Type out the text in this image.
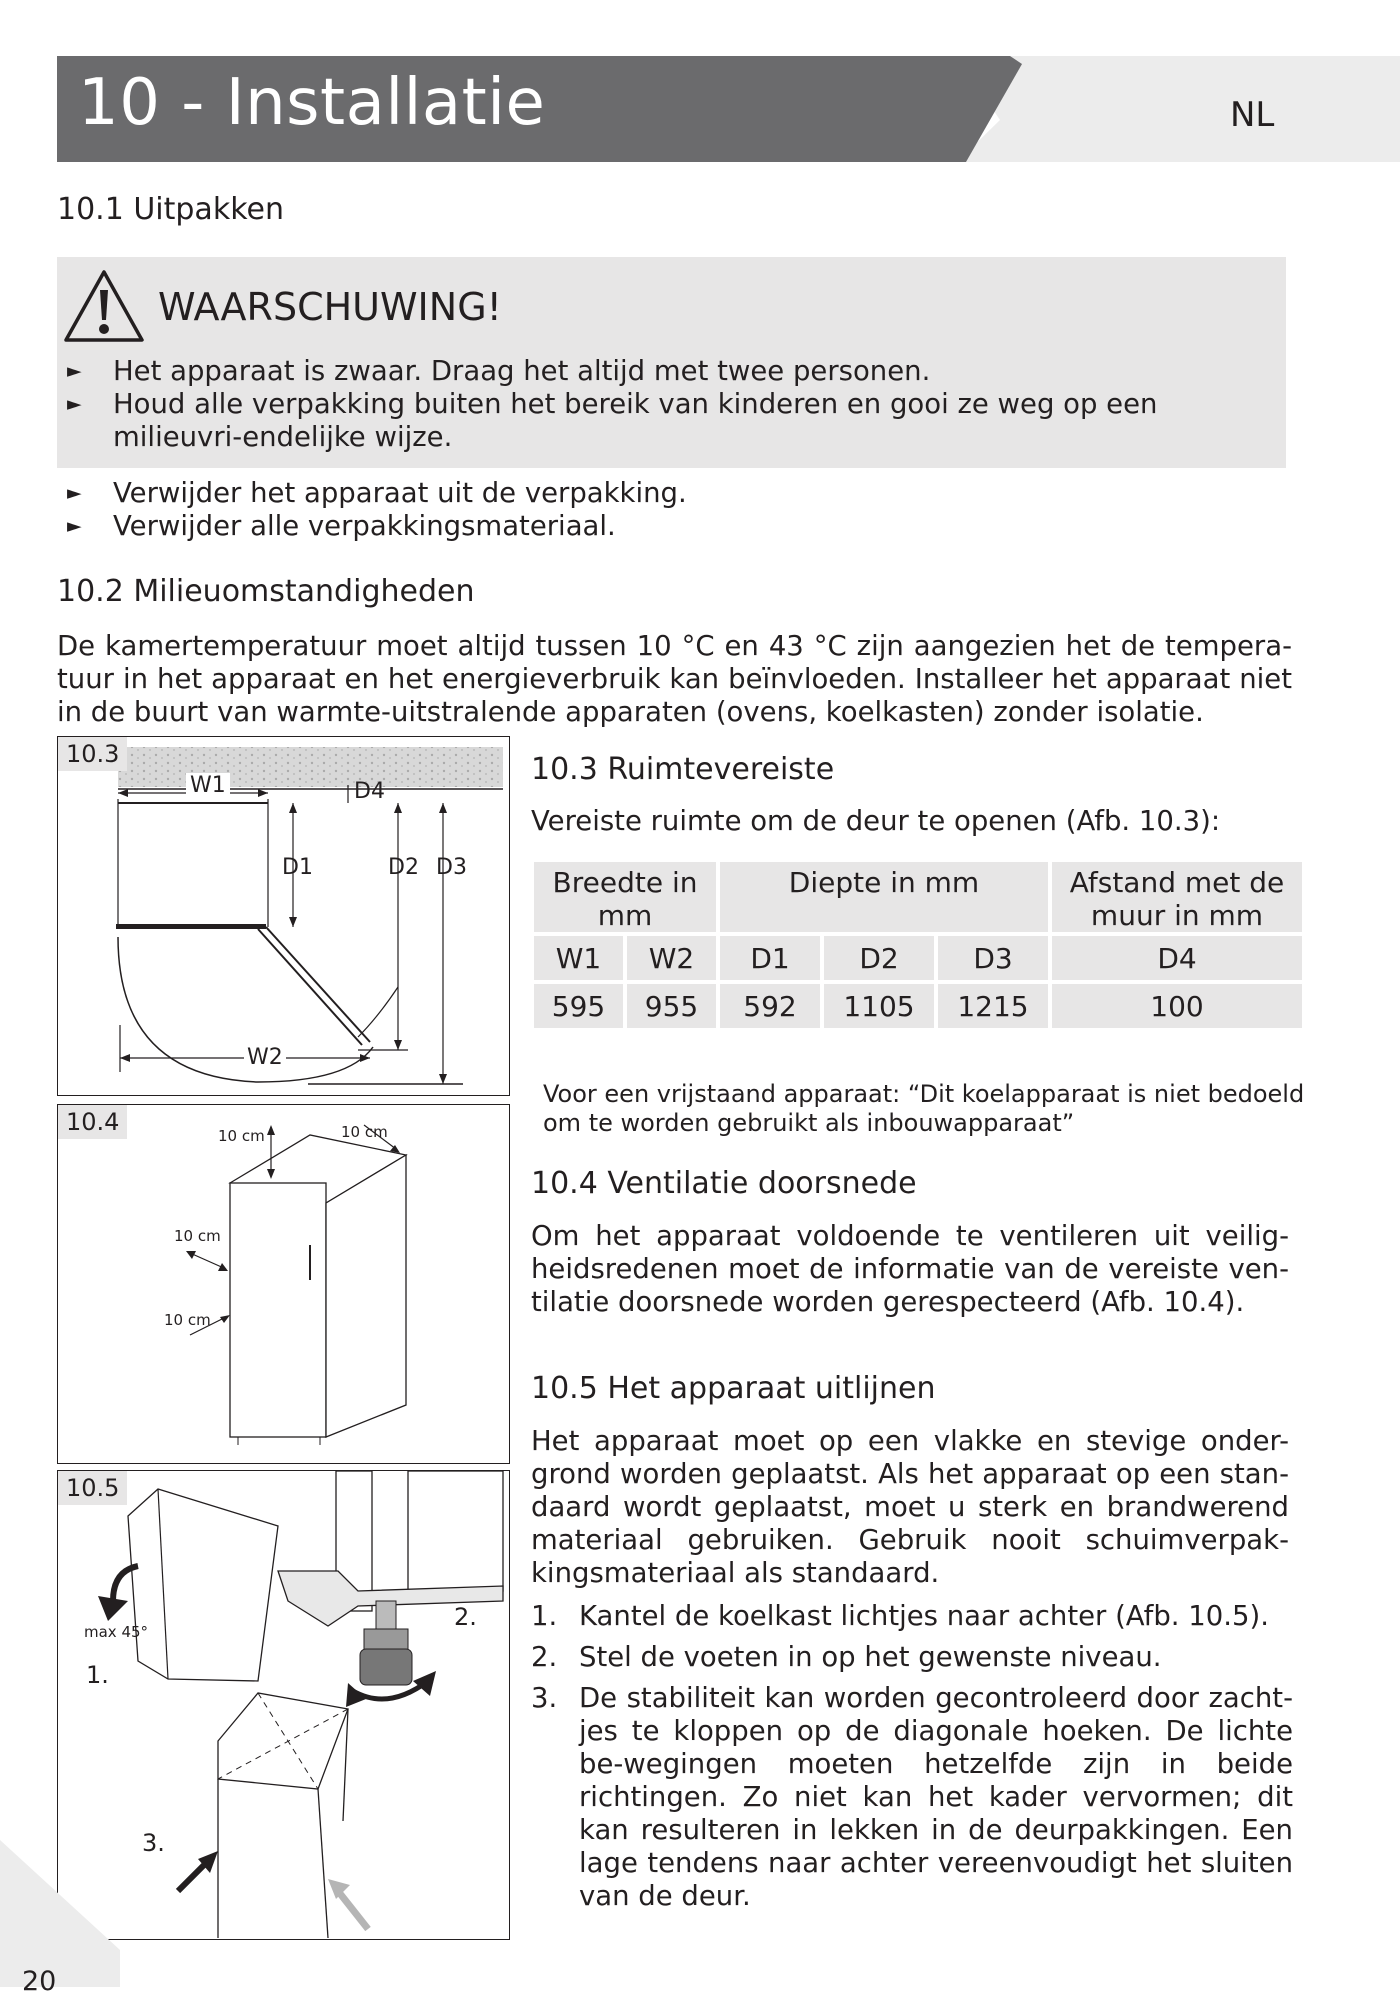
10 - Installatie	NL
10.1 Uitpakken
WAARSCHUWING!
► Het apparaat is zwaar. Draag het altijd met twee personen.
► Houd alle verpakking buiten het bereik van kinderen en gooi ze weg op een milieuvri-endelijke wijze.
► Verwijder het apparaat uit de verpakking.
► Verwijder alle verpakkingsmateriaal.
10.2 Milieuomstandigheden
De kamertemperatuur moet altijd tussen 10 °C en 43 °C zijn aangezien het de tempera-tuur in het apparaat en het energieverbruik kan beïnvloeden. Installeer het apparaat niet in de buurt van warmte-uitstralende apparaten (ovens, koelkasten) zonder isolatie.
10.3
W1	D4
D1	D2 D3
W2
10.4	10 cm	10 cm
10 cm
10 cm
10.5
max 45°
1.
2.
3.
10.3 Ruimtevereiste
Vereiste ruimte om de deur te openen (Afb. 10.3):
Breedte in mm		Diepte in mm			Afstand met de muur in mm
W1	W2	D1	D2	D3	D4
595	955	592	1105	1215	100
Voor een vrijstaand apparaat: “Dit koelapparaat is niet bedoeld om te worden gebruikt als inbouwapparaat”
10.4 Ventilatie doorsnede
Om het apparaat voldoende te ventileren uit veilig-heidsredenen moet de informatie van de vereiste ven-tilatie doorsnede worden gerespecteerd (Afb. 10.4).
10.5 Het apparaat uitlijnen
Het apparaat moet op een vlakke en stevige onder-grond worden geplaatst. Als het apparaat op een stan-daard wordt geplaatst, moet u sterk en brandwerend materiaal gebruiken. Gebruik nooit schuimverpak-kingsmateriaal als standaard.
1. Kantel de koelkast lichtjes naar achter (Afb. 10.5).
2. Stel de voeten in op het gewenste niveau.
3. De stabiliteit kan worden gecontroleerd door zacht-jes te kloppen op de diagonale hoeken. De lichte be-wegingen moeten hetzelfde zijn in beide richtingen. Zo niet kan het kader vervormen; dit kan resulteren in lekken in de deurpakkingen. Een lage tendens naar achter vereenvoudigt het sluiten van de deur.
20
